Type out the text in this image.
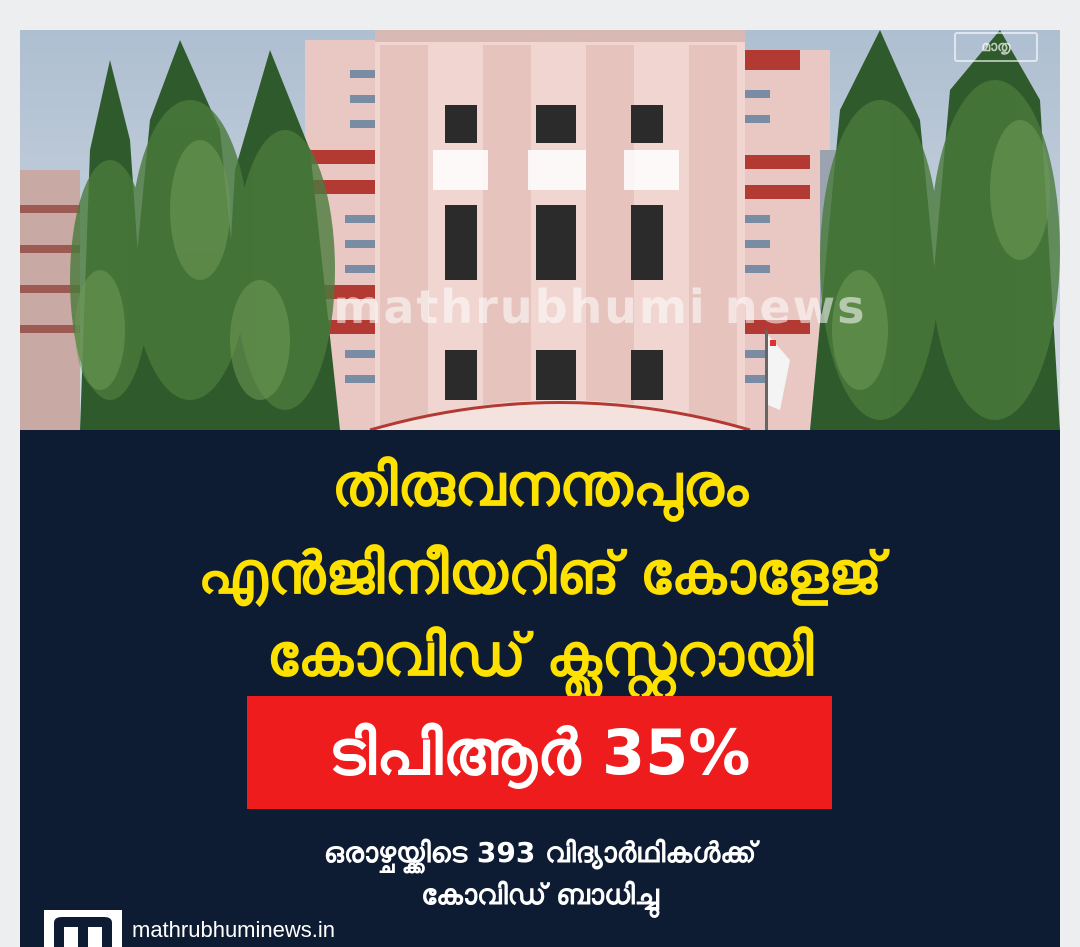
mathrubhumi news
മാതൃ
തിരുവനന്തപുരം
എൻജിനീയറിങ് കോളേജ്
കോവിഡ് ക്ലസ്റ്ററായി
ടിപിആർ 35%
ഒരാഴ്ചയ്ക്കിടെ 393 വിദ്യാർഥികൾക്ക്
കോവിഡ് ബാധിച്ചു
mathrubhuminews.in
